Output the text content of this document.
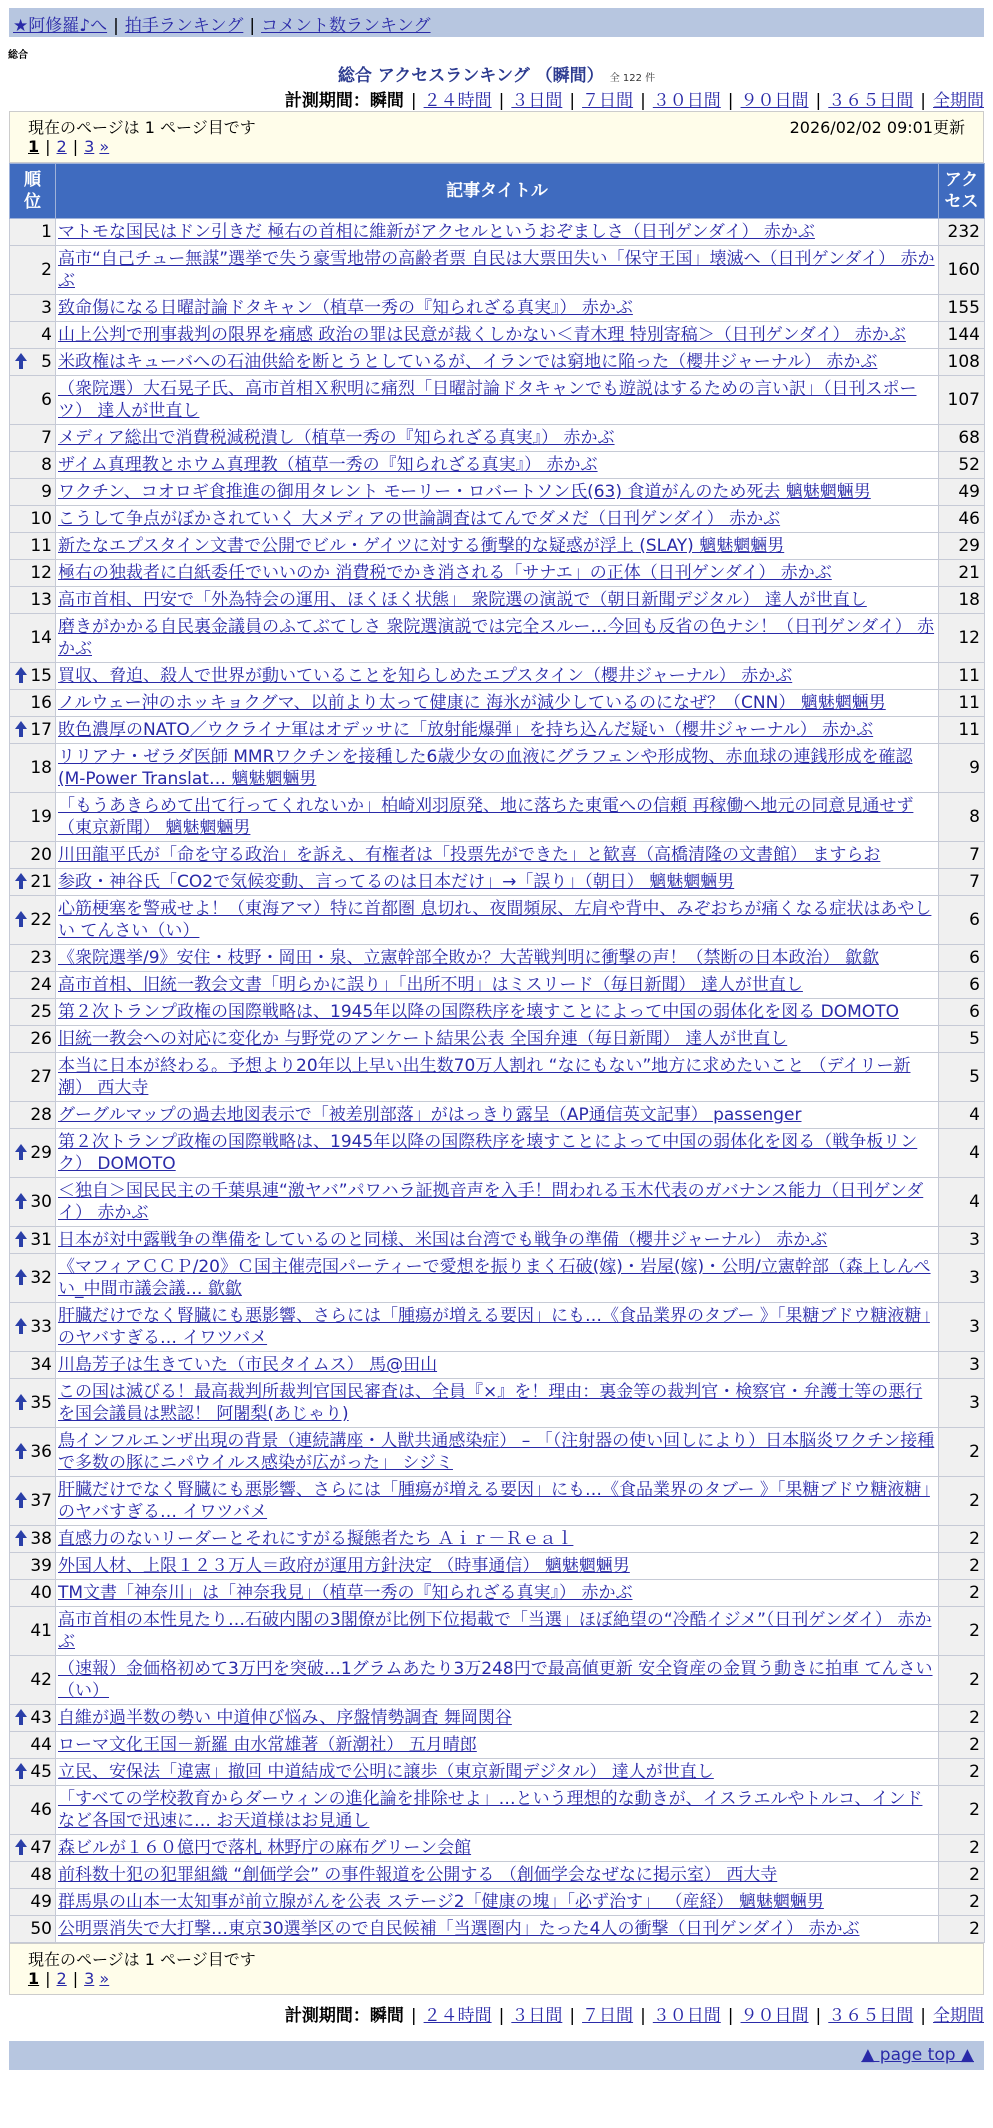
★阿修羅♪へ | 拍手ランキング | コメント数ランキング
総合
総合 アクセスランキング （瞬間） 全 122 件
計測期間：瞬間 | ２４時間 | ３日間 | ７日間 | ３０日間 | ９０日間 | ３６５日間 | 全期間
現在のページは 1 ページ目です	2026/02/02 09:01更新
1 | 2 | 3 »
順位	記事タイトル	アクセス
1	マトモな国民はドン引きだ 極右の首相に維新がアクセルというおぞましさ（日刊ゲンダイ） 赤かぶ	232
2	高市“自己チュー無謀”選挙で失う豪雪地帯の高齢者票 自民は大票田失い「保守王国」壊滅へ（日刊ゲンダイ） 赤かぶ	160
3	致命傷になる日曜討論ドタキャン（植草一秀の『知られざる真実』） 赤かぶ	155
4	山上公判で刑事裁判の限界を痛感 政治の罪は民意が裁くしかない＜青木理 特別寄稿＞（日刊ゲンダイ） 赤かぶ	144

5	米政権はキューバへの石油供給を断とうとしているが、イランでは窮地に陥った（櫻井ジャーナル） 赤かぶ	108
6	（衆院選）大石晃子氏、高市首相Ｘ釈明に痛烈「日曜討論ドタキャンでも遊説はするための言い訳」（日刊スポーツ） 達人が世直し	107
7	メディア総出で消費税減税潰し（植草一秀の『知られざる真実』） 赤かぶ	68
8	ザイム真理教とホウム真理教（植草一秀の『知られざる真実』） 赤かぶ	52
9	ワクチン、コオロギ食推進の御用タレント モーリー・ロバートソン氏(63) 食道がんのため死去 魑魅魍魎男	49
10	こうして争点がぼかされていく 大メディアの世論調査はてんでダメだ（日刊ゲンダイ） 赤かぶ	46
11	新たなエプスタイン文書で公開でビル・ゲイツに対する衝撃的な疑惑が浮上 (SLAY) 魑魅魍魎男	29
12	極右の独裁者に白紙委任でいいのか 消費税でかき消される「サナエ」の正体（日刊ゲンダイ） 赤かぶ	21
13	高市首相、円安で「外為特会の運用、ほくほく状態」 衆院選の演説で（朝日新聞デジタル） 達人が世直し	18
14	磨きがかかる自民裏金議員のふてぶてしさ 衆院選演説では完全スルー…今回も反省の色ナシ！（日刊ゲンダイ） 赤かぶ	12

15	買収、脅迫、殺人で世界が動いていることを知らしめたエプスタイン（櫻井ジャーナル） 赤かぶ	11
16	ノルウェー沖のホッキョクグマ、以前より太って健康に 海氷が減少しているのになぜ？（CNN） 魑魅魍魎男	11

17	敗色濃厚のNATO／ウクライナ軍はオデッサに「放射能爆弾」を持ち込んだ疑い（櫻井ジャーナル） 赤かぶ	11
18	リリアナ・ゼラダ医師 MMRワクチンを接種した6歳少女の血液にグラフェンや形成物、赤血球の連銭形成を確認 (M-Power Translat… 魑魅魍魎男	9
19	「もうあきらめて出て行ってくれないか」柏崎刈羽原発、地に落ちた東電への信頼 再稼働へ地元の同意見通せず （東京新聞） 魑魅魍魎男	8
20	川田龍平氏が「命を守る政治」を訴え、有権者は「投票先ができた」と歓喜（高橋清隆の文書館） ますらお	7

21	参政・神谷氏「CO2で気候変動、言ってるのは日本だけ」→「誤り」（朝日） 魑魅魍魎男	7

22	心筋梗塞を警戒せよ！（東海アマ）特に首都圏 息切れ、夜間頻尿、左肩や背中、みぞおちが痛くなる症状はあやしい てんさい（い）	6
23	《衆院選挙/9》安住・枝野・岡田・泉、立憲幹部全敗か？大苦戦判明に衝撃の声！（禁断の日本政治） 歙歙	6
24	高市首相、旧統一教会文書「明らかに誤り」「出所不明」はミスリード（毎日新聞） 達人が世直し	6
25	第２次トランプ政権の国際戦略は、1945年以降の国際秩序を壊すことによって中国の弱体化を図る DOMOTO	6
26	旧統一教会への対応に変化か 与野党のアンケート結果公表 全国弁連（毎日新聞） 達人が世直し	5
27	本当に日本が終わる。予想より20年以上早い出生数70万人割れ “なにもない”地方に求めたいこと （デイリー新潮） 西大寺	5
28	グーグルマップの過去地図表示で「被差別部落」がはっきり露呈（AP通信英文記事） passenger	4

29	第２次トランプ政権の国際戦略は、1945年以降の国際秩序を壊すことによって中国の弱体化を図る（戦争板リンク） DOMOTO	4

30	＜独自＞国民民主の千葉県連“激ヤバ”パワハラ証拠音声を入手！問われる玉木代表のガバナンス能力（日刊ゲンダイ） 赤かぶ	4

31	日本が対中露戦争の準備をしているのと同様、米国は台湾でも戦争の準備（櫻井ジャーナル） 赤かぶ	3

32	《マフィアＣＣＰ/20》Ｃ国主催売国パーティーで愛想を振りまく石破(嫁)・岩屋(嫁)・公明/立憲幹部（森上しんぺい_中間市議会議… 歙歙	3

33	肝臓だけでなく腎臓にも悪影響、さらには「腫瘍が増える要因」にも…《食品業界のタブー 》「果糖ブドウ糖液糖」のヤバすぎる… イワツバメ	3
34	川島芳子は生きていた（市民タイムス） 馬@田山	3

35	この国は滅びる！最高裁判所裁判官国民審査は、全員『×』を！理由：裏金等の裁判官・検察官・弁護士等の悪行を国会議員は黙認！ 阿闍梨(あじゃり)	3

36	鳥インフルエンザ出現の背景（連続講座・人獣共通感染症） – 「（注射器の使い回しにより）日本脳炎ワクチン接種で多数の豚にニパウイルス感染が広がった」 シジミ	2

37	肝臓だけでなく腎臓にも悪影響、さらには「腫瘍が増える要因」にも…《食品業界のタブー 》「果糖ブドウ糖液糖」のヤバすぎる… イワツバメ	2

38	直感力のないリーダーとそれにすがる擬態者たち Ａｉｒ－Ｒｅａｌ	2
39	外国人材、上限１２３万人＝政府が運用方針決定 （時事通信） 魑魅魍魎男	2
40	TM文書「神奈川」は「神奈我見」（植草一秀の『知られざる真実』） 赤かぶ	2
41	高市首相の本性見たり…石破内閣の3閣僚が比例下位掲載で「当選」ほぼ絶望の“冷酷イジメ”（日刊ゲンダイ） 赤かぶ	2
42	（速報）金価格初めて3万円を突破…1グラムあたり3万248円で最高値更新 安全資産の金買う動きに拍車 てんさい（い）	2

43	自維が過半数の勢い 中道伸び悩み、序盤情勢調査 舞岡関谷	2
44	ローマ文化王国－新羅 由水常雄著（新潮社） 五月晴郎	2

45	立民、安保法「違憲」撤回 中道結成で公明に譲歩（東京新聞デジタル） 達人が世直し	2
46	「すべての学校教育からダーウィンの進化論を排除せよ」…という理想的な動きが、イスラエルやトルコ、インドなど各国で迅速に… お天道様はお見通し	2

47	森ビルが１６０億円で落札 林野庁の麻布グリーン会館	2
48	前科数十犯の犯罪組織 “創価学会” の事件報道を公開する （創価学会なぜなに掲示室） 西大寺	2
49	群馬県の山本一太知事が前立腺がんを公表 ステージ2「健康の塊」「必ず治す」 （産経） 魑魅魍魎男	2
50	公明票消失で大打撃…東京30選挙区ので自民候補「当選圏内」たった4人の衝撃（日刊ゲンダイ） 赤かぶ	2
現在のページは 1 ページ目です
1 | 2 | 3 »
計測期間：瞬間 | ２４時間 | ３日間 | ７日間 | ３０日間 | ９０日間 | ３６５日間 | 全期間
▲ page top ▲
